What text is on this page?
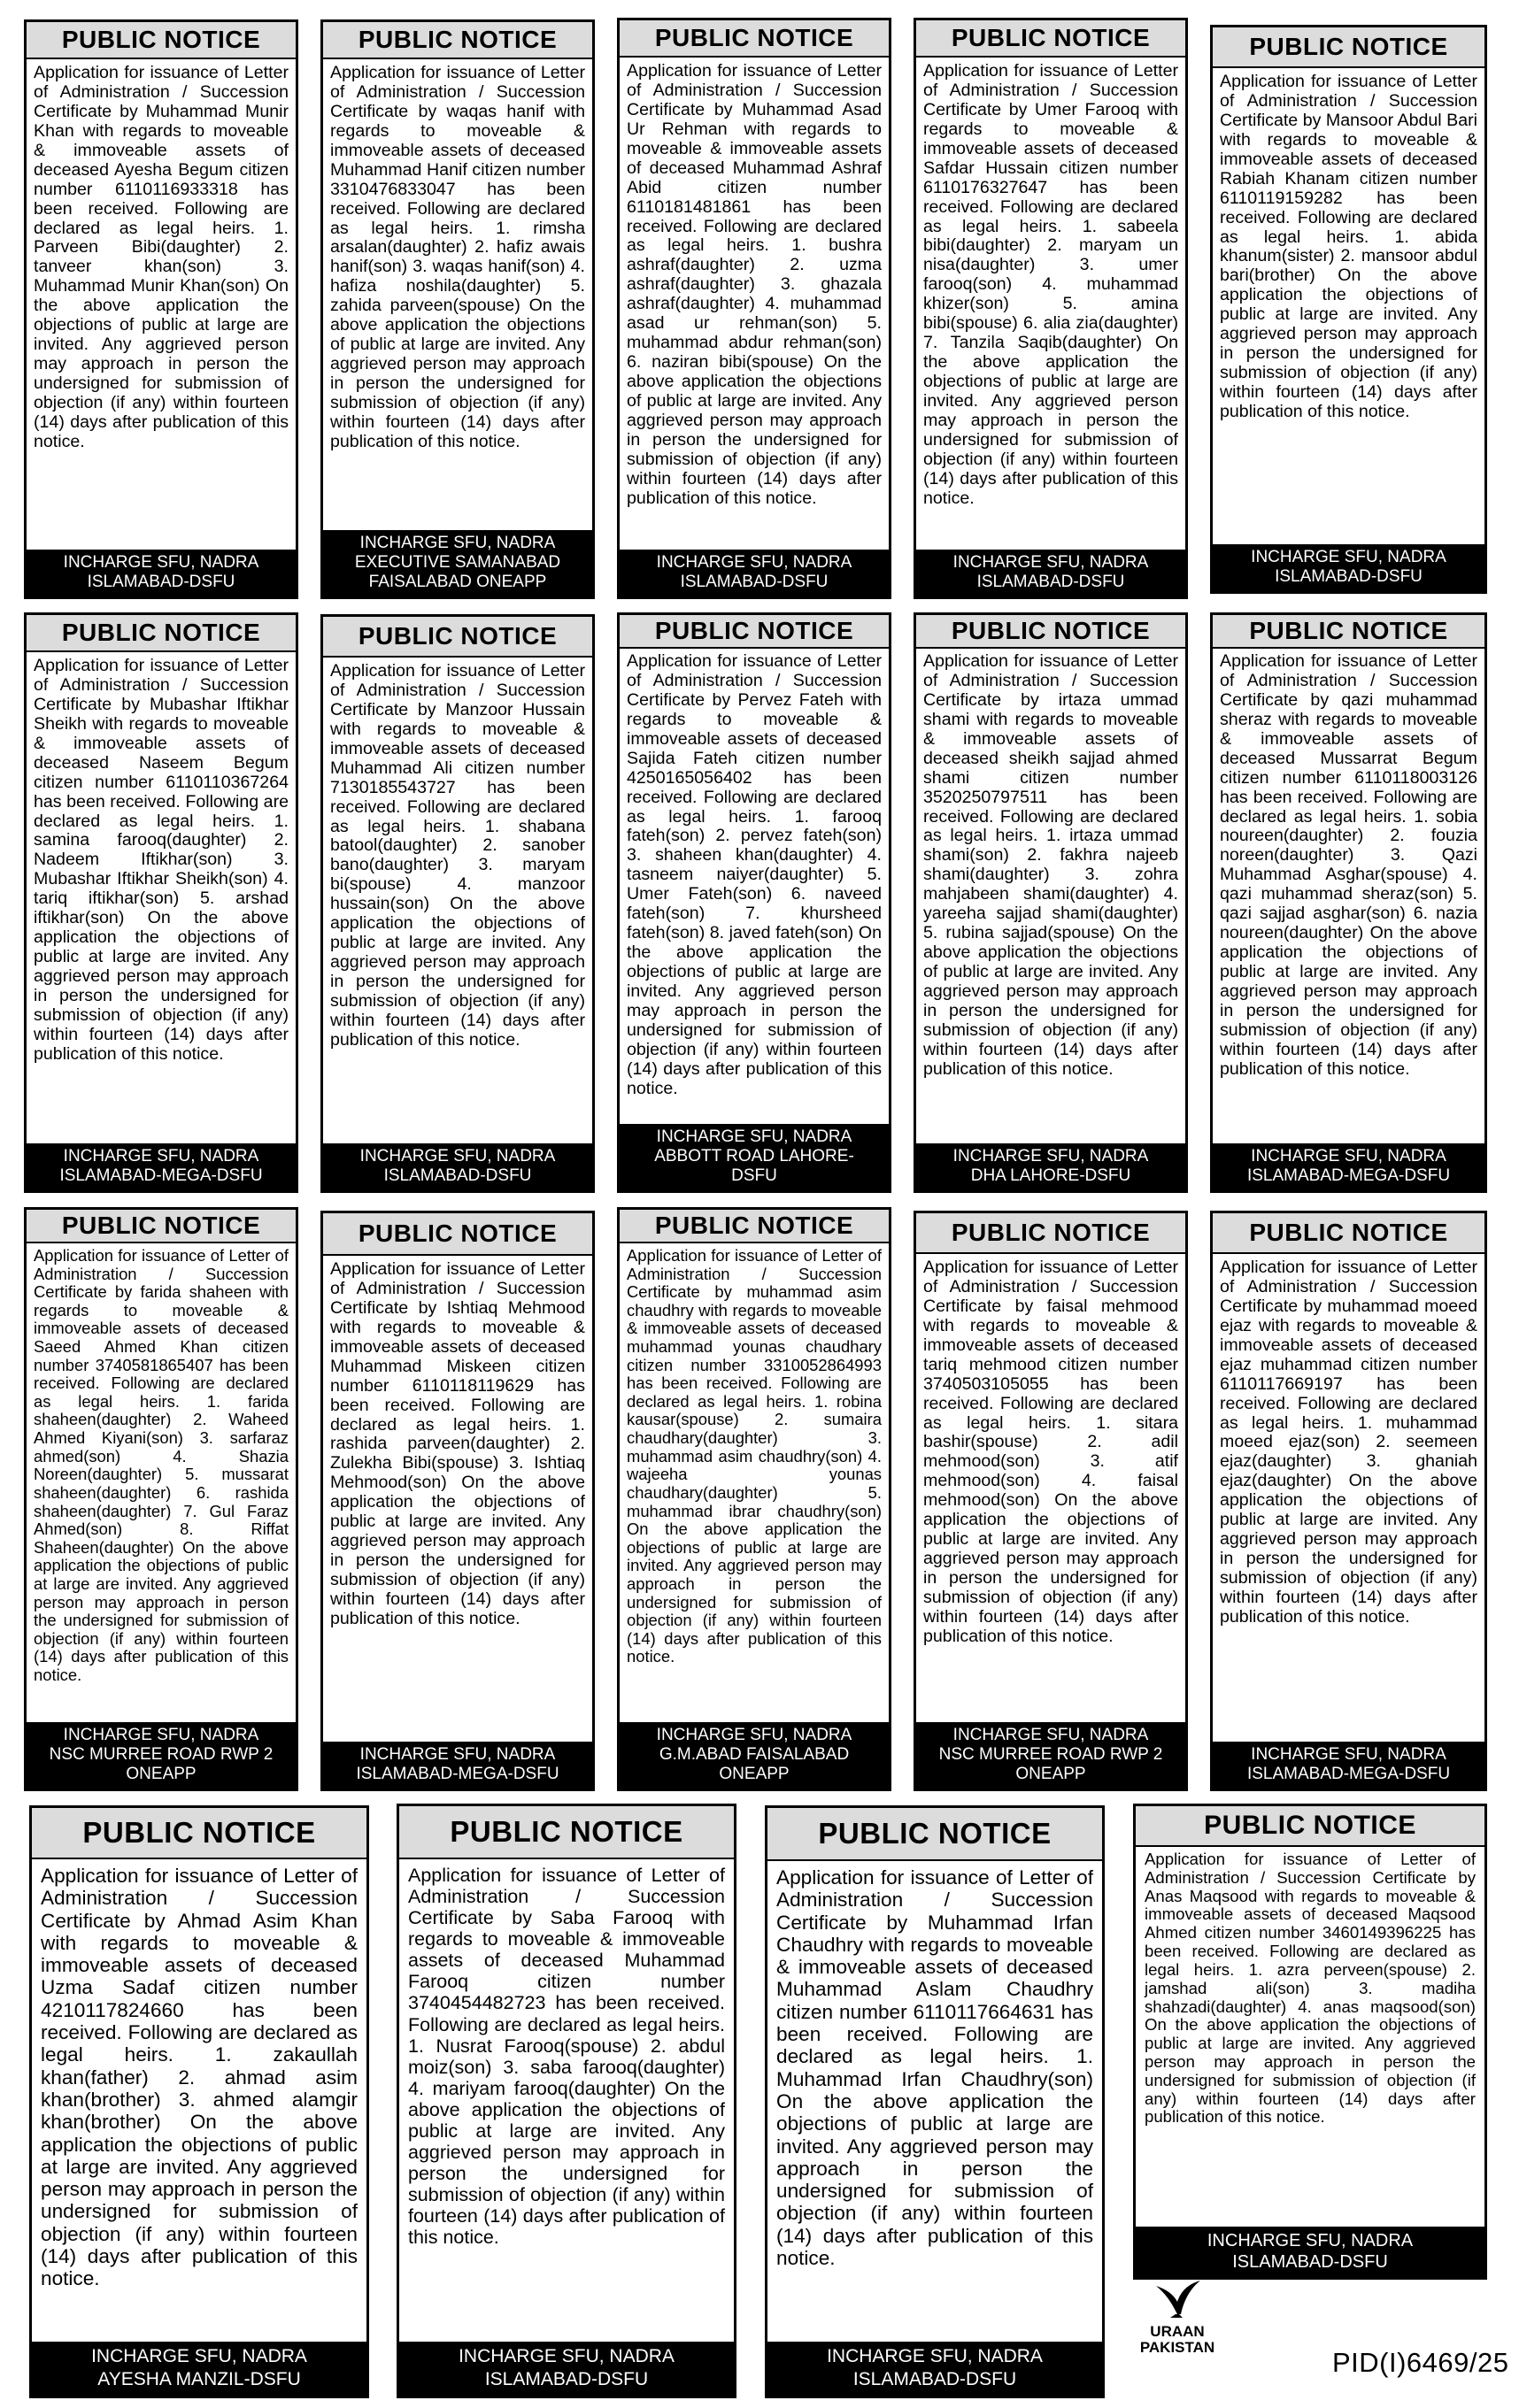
PUBLIC NOTICE
Application for issuance of Letter of Administration / Succession Certificate by Muhammad Munir Khan with regards to moveable & immoveable assets of deceased Ayesha Begum citizen number 6110116933318 has been received. Following are declared as legal heirs. 1. Parveen Bibi(daughter) 2. tanveer khan(son) 3. Muhammad Munir Khan(son) On the above application the objections of public at large are invited. Any aggrieved person may approach in person the undersigned for submission of objection (if any) within fourteen (14) days after publication of this notice.
INCHARGE SFU, NADRA
ISLAMABAD-DSFU
PUBLIC NOTICE
Application for issuance of Letter of Administration / Succession Certificate by waqas hanif with regards to moveable & immoveable assets of deceased Muhammad Hanif citizen number 3310476833047 has been received. Following are declared as legal heirs. 1. rimsha arsalan(daughter) 2. hafiz awais hanif(son) 3. waqas hanif(son) 4. hafiza noshila(daughter) 5. zahida parveen(spouse) On the above application the objections of public at large are invited. Any aggrieved person may approach in person the undersigned for submission of objection (if any) within fourteen (14) days after publication of this notice.
INCHARGE SFU, NADRA
EXECUTIVE SAMANABAD
FAISALABAD ONEAPP
PUBLIC NOTICE
Application for issuance of Letter of Administration / Succession Certificate by Muhammad Asad Ur Rehman with regards to moveable & immoveable assets of deceased Muhammad Ashraf Abid citizen number 6110181481861 has been received. Following are declared as legal heirs. 1. bushra ashraf(daughter) 2. uzma ashraf(daughter) 3. ghazala ashraf(daughter) 4. muhammad asad ur rehman(son) 5. muhammad abdur rehman(son) 6. naziran bibi(spouse) On the above application the objections of public at large are invited. Any aggrieved person may approach in person the undersigned for submission of objection (if any) within fourteen (14) days after publication of this notice.
INCHARGE SFU, NADRA
ISLAMABAD-DSFU
PUBLIC NOTICE
Application for issuance of Letter of Administration / Succession Certificate by Umer Farooq with regards to moveable & immoveable assets of deceased Safdar Hussain citizen number 6110176327647 has been received. Following are declared as legal heirs. 1. sabeela bibi(daughter) 2. maryam un nisa(daughter) 3. umer farooq(son) 4. muhammad khizer(son) 5. amina bibi(spouse) 6. alia zia(daughter) 7. Tanzila Saqib(daughter) On the above application the objections of public at large are invited. Any aggrieved person may approach in person the undersigned for submission of objection (if any) within fourteen (14) days after publication of this notice.
INCHARGE SFU, NADRA
ISLAMABAD-DSFU
PUBLIC NOTICE
Application for issuance of Letter of Administration / Succession Certificate by Mansoor Abdul Bari with regards to moveable & immoveable assets of deceased Rabiah Khanam citizen number 6110119159282 has been received. Following are declared as legal heirs. 1. abida khanum(sister) 2. mansoor abdul bari(brother) On the above application the objections of public at large are invited. Any aggrieved person may approach in person the undersigned for submission of objection (if any) within fourteen (14) days after publication of this notice.
INCHARGE SFU, NADRA
ISLAMABAD-DSFU
PUBLIC NOTICE
Application for issuance of Letter of Administration / Succession Certificate by Mubashar Iftikhar Sheikh with regards to moveable & immoveable assets of deceased Naseem Begum citizen number 6110110367264 has been received. Following are declared as legal heirs. 1. samina farooq(daughter) 2. Nadeem Iftikhar(son) 3. Mubashar Iftikhar Sheikh(son) 4. tariq iftikhar(son) 5. arshad iftikhar(son) On the above application the objections of public at large are invited. Any aggrieved person may approach in person the undersigned for submission of objection (if any) within fourteen (14) days after publication of this notice.
INCHARGE SFU, NADRA
ISLAMABAD-MEGA-DSFU
PUBLIC NOTICE
Application for issuance of Letter of Administration / Succession Certificate by Manzoor Hussain with regards to moveable & immoveable assets of deceased Muhammad Ali citizen number 7130185543727 has been received. Following are declared as legal heirs. 1. shabana batool(daughter) 2. sanober bano(daughter) 3. maryam bi(spouse) 4. manzoor hussain(son) On the above application the objections of public at large are invited. Any aggrieved person may approach in person the undersigned for submission of objection (if any) within fourteen (14) days after publication of this notice.
INCHARGE SFU, NADRA
ISLAMABAD-DSFU
PUBLIC NOTICE
Application for issuance of Letter of Administration / Succession Certificate by Pervez Fateh with regards to moveable & immoveable assets of deceased Sajida Fateh citizen number 4250165056402 has been received. Following are declared as legal heirs. 1. farooq fateh(son) 2. pervez fateh(son) 3. shaheen khan(daughter) 4. tasneem naiyer(daughter) 5. Umer Fateh(son) 6. naveed fateh(son) 7. khursheed fateh(son) 8. javed fateh(son) On the above application the objections of public at large are invited. Any aggrieved person may approach in person the undersigned for submission of objection (if any) within fourteen (14) days after publication of this notice.
INCHARGE SFU, NADRA
ABBOTT ROAD LAHORE-
DSFU
PUBLIC NOTICE
Application for issuance of Letter of Administration / Succession Certificate by irtaza ummad shami with regards to moveable & immoveable assets of deceased sheikh sajjad ahmed shami citizen number 3520250797511 has been received. Following are declared as legal heirs. 1. irtaza ummad shami(son) 2. fakhra najeeb shami(daughter) 3. zohra mahjabeen shami(daughter) 4. yareeha sajjad shami(daughter) 5. rubina sajjad(spouse) On the above application the objections of public at large are invited. Any aggrieved person may approach in person the undersigned for submission of objection (if any) within fourteen (14) days after publication of this notice.
INCHARGE SFU, NADRA
DHA LAHORE-DSFU
PUBLIC NOTICE
Application for issuance of Letter of Administration / Succession Certificate by qazi muhammad sheraz with regards to moveable & immoveable assets of deceased Mussarrat Begum citizen number 6110118003126 has been received. Following are declared as legal heirs. 1. sobia noureen(daughter) 2. fouzia noreen(daughter) 3. Qazi Muhammad Asghar(spouse) 4. qazi muhammad sheraz(son) 5. qazi sajjad asghar(son) 6. nazia noureen(daughter) On the above application the objections of public at large are invited. Any aggrieved person may approach in person the undersigned for submission of objection (if any) within fourteen (14) days after publication of this notice.
INCHARGE SFU, NADRA
ISLAMABAD-MEGA-DSFU
PUBLIC NOTICE
Application for issuance of Letter of Administration / Succession Certificate by farida shaheen with regards to moveable & immoveable assets of deceased Saeed Ahmed Khan citizen number 3740581865407 has been received. Following are declared as legal heirs. 1. farida shaheen(daughter) 2. Waheed Ahmed Kiyani(son) 3. sarfaraz ahmed(son) 4. Shazia Noreen(daughter) 5. mussarat shaheen(daughter) 6. rashida shaheen(daughter) 7. Gul Faraz Ahmed(son) 8. Riffat Shaheen(daughter) On the above application the objections of public at large are invited. Any aggrieved person may approach in person the undersigned for submission of objection (if any) within fourteen (14) days after publication of this notice.
INCHARGE SFU, NADRA
NSC MURREE ROAD RWP 2
ONEAPP
PUBLIC NOTICE
Application for issuance of Letter of Administration / Succession Certificate by Ishtiaq Mehmood with regards to moveable & immoveable assets of deceased Muhammad Miskeen citizen number 6110118119629 has been received. Following are declared as legal heirs. 1. rashida parveen(daughter) 2. Zulekha Bibi(spouse) 3. Ishtiaq Mehmood(son) On the above application the objections of public at large are invited. Any aggrieved person may approach in person the undersigned for submission of objection (if any) within fourteen (14) days after publication of this notice.
INCHARGE SFU, NADRA
ISLAMABAD-MEGA-DSFU
PUBLIC NOTICE
Application for issuance of Letter of Administration / Succession Certificate by muhammad asim chaudhry with regards to moveable & immoveable assets of deceased muhammad younas chaudhary citizen number 3310052864993 has been received. Following are declared as legal heirs. 1. robina kausar(spouse) 2. sumaira chaudhary(daughter) 3. muhammad asim chaudhry(son) 4. wajeeha younas chaudhary(daughter) 5. muhammad ibrar chaudhry(son) On the above application the objections of public at large are invited. Any aggrieved person may approach in person the undersigned for submission of objection (if any) within fourteen (14) days after publication of this notice.
INCHARGE SFU, NADRA
G.M.ABAD FAISALABAD
ONEAPP
PUBLIC NOTICE
Application for issuance of Letter of Administration / Succession Certificate by faisal mehmood with regards to moveable & immoveable assets of deceased tariq mehmood citizen number 3740503105055 has been received. Following are declared as legal heirs. 1. sitara bashir(spouse) 2. adil mehmood(son) 3. atif mehmood(son) 4. faisal mehmood(son) On the above application the objections of public at large are invited. Any aggrieved person may approach in person the undersigned for submission of objection (if any) within fourteen (14) days after publication of this notice.
INCHARGE SFU, NADRA
NSC MURREE ROAD RWP 2
ONEAPP
PUBLIC NOTICE
Application for issuance of Letter of Administration / Succession Certificate by muhammad moeed ejaz with regards to moveable & immoveable assets of deceased ejaz muhammad citizen number 6110117669197 has been received. Following are declared as legal heirs. 1. muhammad moeed ejaz(son) 2. seemeen ejaz(daughter) 3. ghaniah ejaz(daughter) On the above application the objections of public at large are invited. Any aggrieved person may approach in person the undersigned for submission of objection (if any) within fourteen (14) days after publication of this notice.
INCHARGE SFU, NADRA
ISLAMABAD-MEGA-DSFU
PUBLIC NOTICE
Application for issuance of Letter of Administration / Succession Certificate by Ahmad Asim Khan with regards to moveable & immoveable assets of deceased Uzma Sadaf citizen number 4210117824660 has been received. Following are declared as legal heirs. 1. zakaullah khan(father) 2. ahmad asim khan(brother) 3. ahmed alamgir khan(brother) On the above application the objections of public at large are invited. Any aggrieved person may approach in person the undersigned for submission of objection (if any) within fourteen (14) days after publication of this notice.
INCHARGE SFU, NADRA
AYESHA MANZIL-DSFU
PUBLIC NOTICE
Application for issuance of Letter of Administration / Succession Certificate by Saba Farooq with regards to moveable & immoveable assets of deceased Muhammad Farooq citizen number 3740454482723 has been received. Following are declared as legal heirs. 1. Nusrat Farooq(spouse) 2. abdul moiz(son) 3. saba farooq(daughter) 4. mariyam farooq(daughter) On the above application the objections of public at large are invited. Any aggrieved person may approach in person the undersigned for submission of objection (if any) within fourteen (14) days after publication of this notice.
INCHARGE SFU, NADRA
ISLAMABAD-DSFU
PUBLIC NOTICE
Application for issuance of Letter of Administration / Succession Certificate by Muhammad Irfan Chaudhry with regards to moveable & immoveable assets of deceased Muhammad Aslam Chaudhry citizen number 6110117664631 has been received. Following are declared as legal heirs. 1. Muhammad Irfan Chaudhry(son) On the above application the objections of public at large are invited. Any aggrieved person may approach in person the undersigned for submission of objection (if any) within fourteen (14) days after publication of this notice.
INCHARGE SFU, NADRA
ISLAMABAD-DSFU
PUBLIC NOTICE
Application for issuance of Letter of Administration / Succession Certificate by Anas Maqsood with regards to moveable & immoveable assets of deceased Maqsood Ahmed citizen number 3460149396225 has been received. Following are declared as legal heirs. 1. azra perveen(spouse) 2. jamshad ali(son) 3. madiha shahzadi(daughter) 4. anas maqsood(son) On the above application the objections of public at large are invited. Any aggrieved person may approach in person the undersigned for submission of objection (if any) within fourteen (14) days after publication of this notice.
INCHARGE SFU, NADRA
ISLAMABAD-DSFU
URAAN
PAKISTAN	PID(I)6469/25
